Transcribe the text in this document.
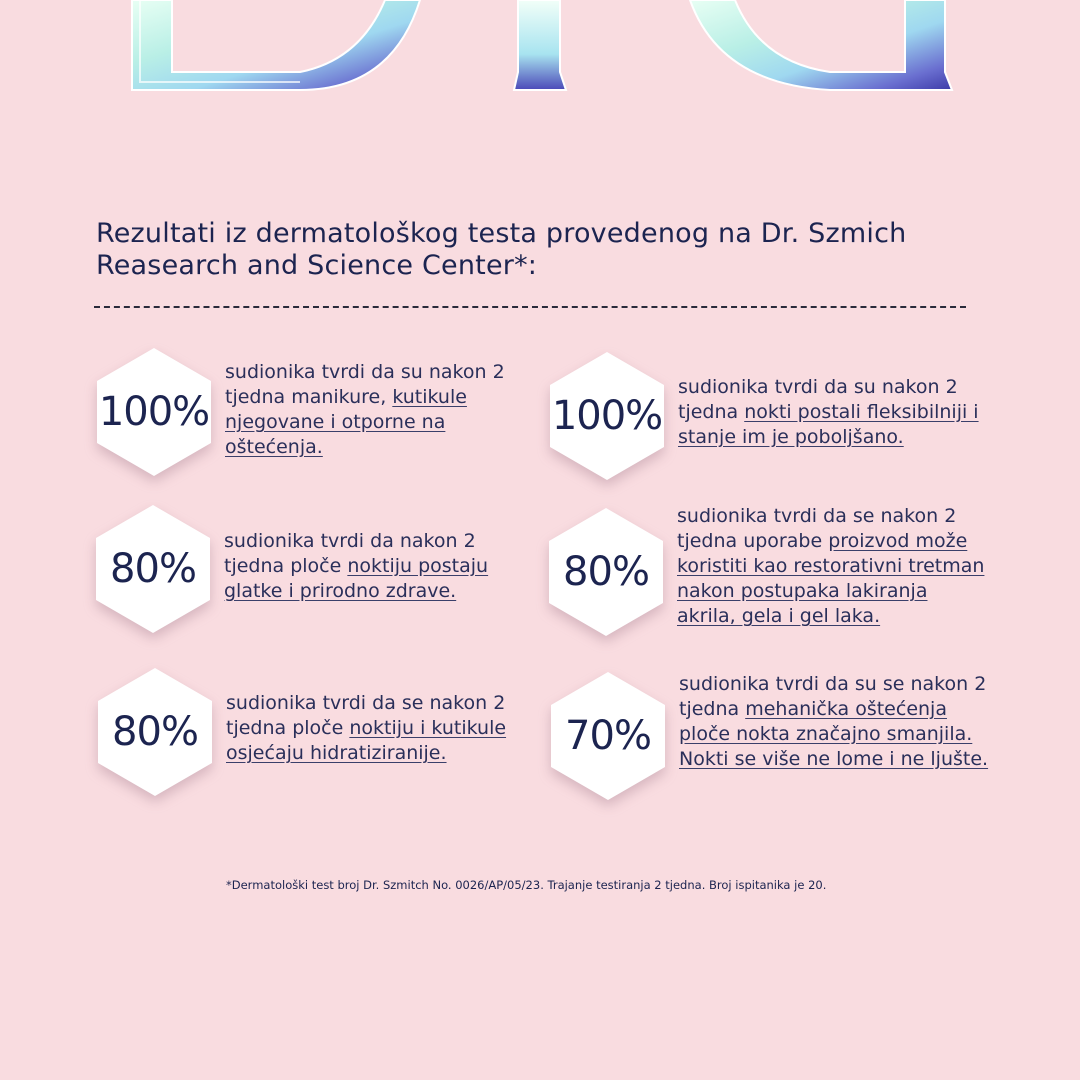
Rezultati iz dermatološkog testa provedenog na Dr. Szmich Reasearch and Science Center*:
100%
sudionika tvrdi da su nakon 2 tjedna manikure, kutikule njegovane i otporne na oštećenja.
100%
sudionika tvrdi da su nakon 2 tjedna nokti postali fleksibilniji i stanje im je poboljšano.
80%
sudionika tvrdi da nakon 2 tjedna ploče noktiju postaju glatke i prirodno zdrave.	80%
sudionika tvrdi da se nakon 2 tjedna uporabe proizvod može koristiti kao restorativni tretman nakon postupaka lakiranja akrila, gela i gel laka.
80%
sudionika tvrdi da se nakon 2 tjedna ploče noktiju i kutikule osjećaju hidratiziranije.	70%
sudionika tvrdi da su se nakon 2 tjedna mehanička oštećenja ploče nokta značajno smanjila. Nokti se više ne lome i ne ljušte.
*Dermatološki test broj Dr. Szmitch No. 0026/AP/05/23. Trajanje testiranja 2 tjedna. Broj ispitanika je 20.
